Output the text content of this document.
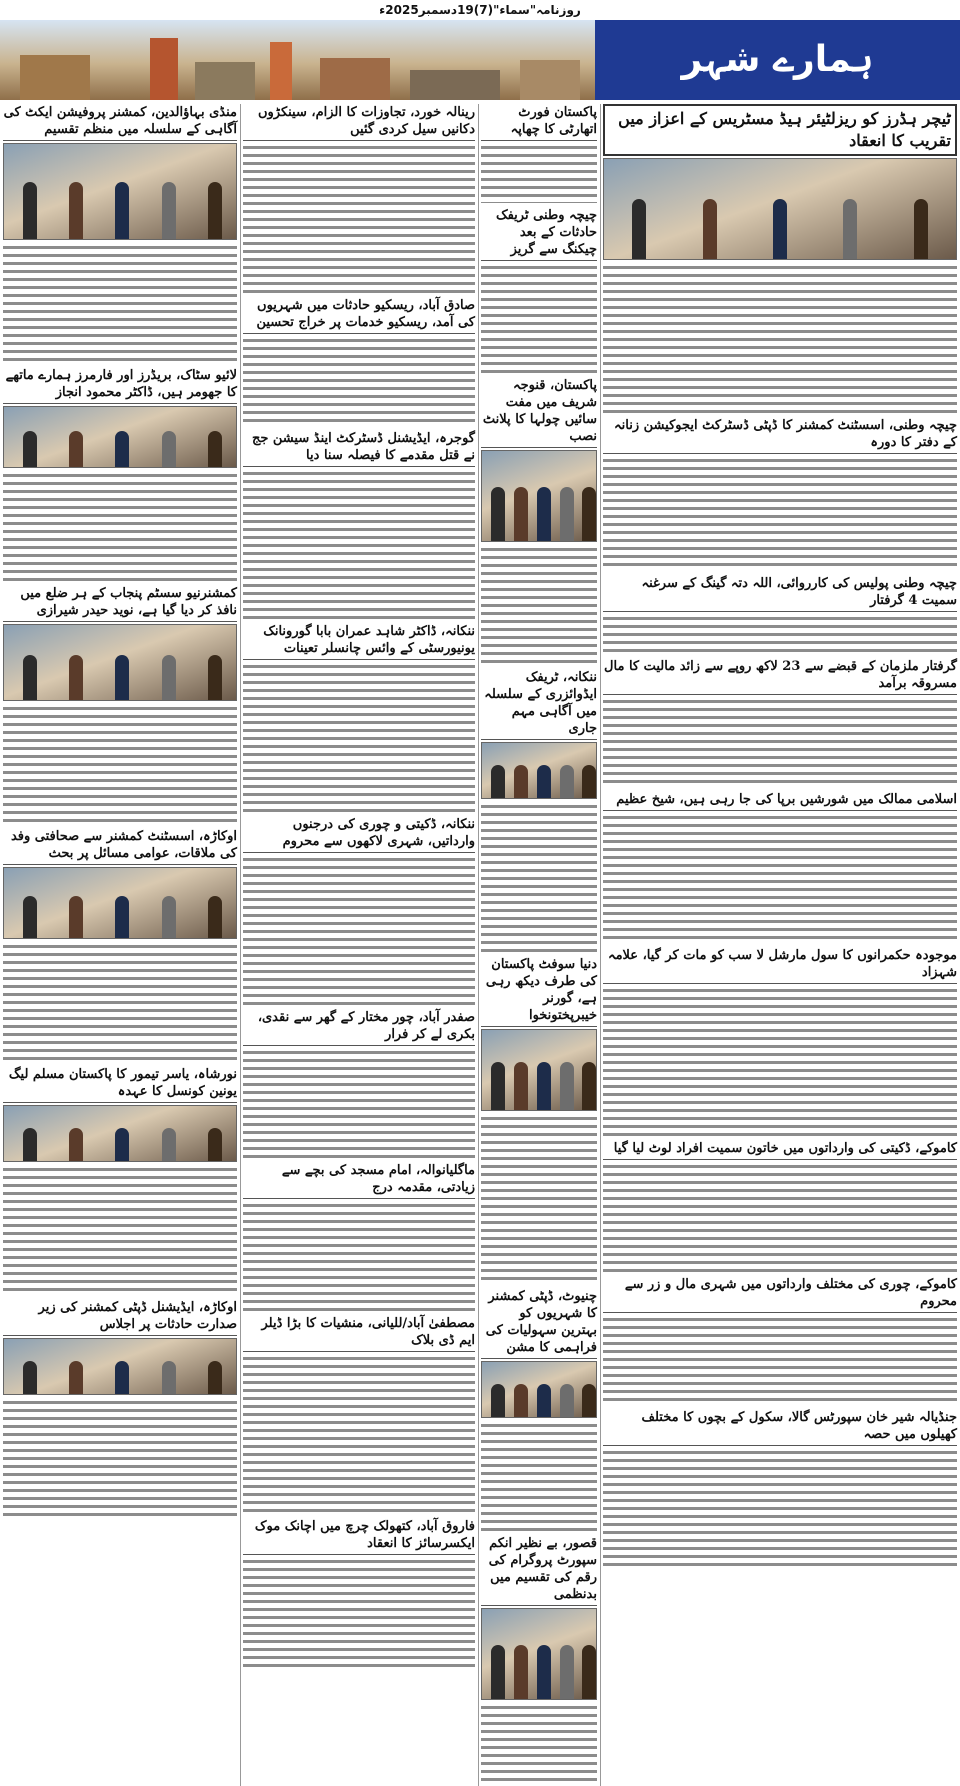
روزنامہ"سماء"(7)19دسمبر2025ء
ہمارے شہر
ٹیچر ہڈرز کو ریزلٹیئر ہیڈ مسٹریس کے اعزاز میں تقریب کا انعقاد
چیچہ وطنی، اسسٹنٹ کمشنر کا ڈپٹی ڈسٹرکٹ ایجوکیشن زنانہ کے دفتر کا دورہ
چیچہ وطنی پولیس کی کارروائی، اللہ دتہ گینگ کے سرغنہ سمیت 4 گرفتار
گرفتار ملزمان کے قبضے سے 23 لاکھ روپے سے زائد مالیت کا مال مسروقہ برآمد
اسلامی ممالک میں شورشیں برپا کی جا رہی ہیں، شیخ عظیم
موجودہ حکمرانوں کا سول مارشل لا سب کو مات کر گیا، علامہ شہزاد
کاموکے، ڈکیتی کی وارداتوں میں خاتون سمیت افراد لوٹ لیا گیا
کاموکے، چوری کی مختلف وارداتوں میں شہری مال و زر سے محروم
جنڈیالہ شیر خان سپورٹس گالا، سکول کے بچوں کا مختلف کھیلوں میں حصہ
پاکستان فورٹ اتھارٹی کا چھاپہ
چیچہ وطنی ٹریفک حادثات کے بعد چیکنگ سے گریز
پاکستان، قنوجہ شریف میں مفت سائیں چولہا کا پلانٹ نصب
ننکانہ، ٹریفک ایڈوائزری کے سلسلہ میں آگاہی مہم جاری
دنیا سوفٹ پاکستان کی طرف دیکھ رہی ہے، گورنر خیبرپختونخوا
چنیوٹ، ڈپٹی کمشنر کا شہریوں کو بہترین سہولیات کی فراہمی کا مشن
قصور، بے نظیر انکم سپورٹ پروگرام کی رقم کی تقسیم میں بدنظمی
رینالہ خورد، تجاوزات کا الزام، سینکڑوں دکانیں سیل کردی گئیں
صادق آباد، ریسکیو حادثات میں شہریوں کی آمد، ریسکیو خدمات پر خراج تحسین
گوجرہ، ایڈیشنل ڈسٹرکٹ اینڈ سیشن جج نے قتل مقدمے کا فیصلہ سنا دیا
ننکانہ، ڈاکٹر شاہد عمران بابا گورونانک یونیورسٹی کے وائس چانسلر تعینات
ننکانہ، ڈکیتی و چوری کی درجنوں وارداتیں، شہری لاکھوں سے محروم
صفدر آباد، چور مختار کے گھر سے نقدی، بکری لے کر فرار
ماگلیانوالہ، امام مسجد کی بچے سے زیادتی، مقدمہ درج
مصطفیٰ آباد/للیانی، منشیات کا بڑا ڈیلر ایم ڈی بلاک
فاروق آباد، کتھولک چرچ میں اچانک موک ایکسرسائز کا انعقاد
منڈی بہاؤالدین، کمشنر پروفیشن ایکٹ کی آگاہی کے سلسلہ میں منظم تقسیم
لائیو سٹاک، بریڈرز اور فارمرز ہمارے ماتھے کا جھومر ہیں، ڈاکٹر محمود انجاز
کمشنرنیو سسٹم پنجاب کے ہر ضلع میں نافذ کر دیا گیا ہے، نوید حیدر شیرازی
اوکاڑہ، اسسٹنٹ کمشنر سے صحافتی وفد کی ملاقات، عوامی مسائل پر بحث
نورشاہ، یاسر تیمور کا پاکستان مسلم لیگ یونین کونسل کا عہدہ
اوکاڑہ، ایڈیشنل ڈپٹی کمشنر کی زیر صدارت حادثات پر اجلاس
